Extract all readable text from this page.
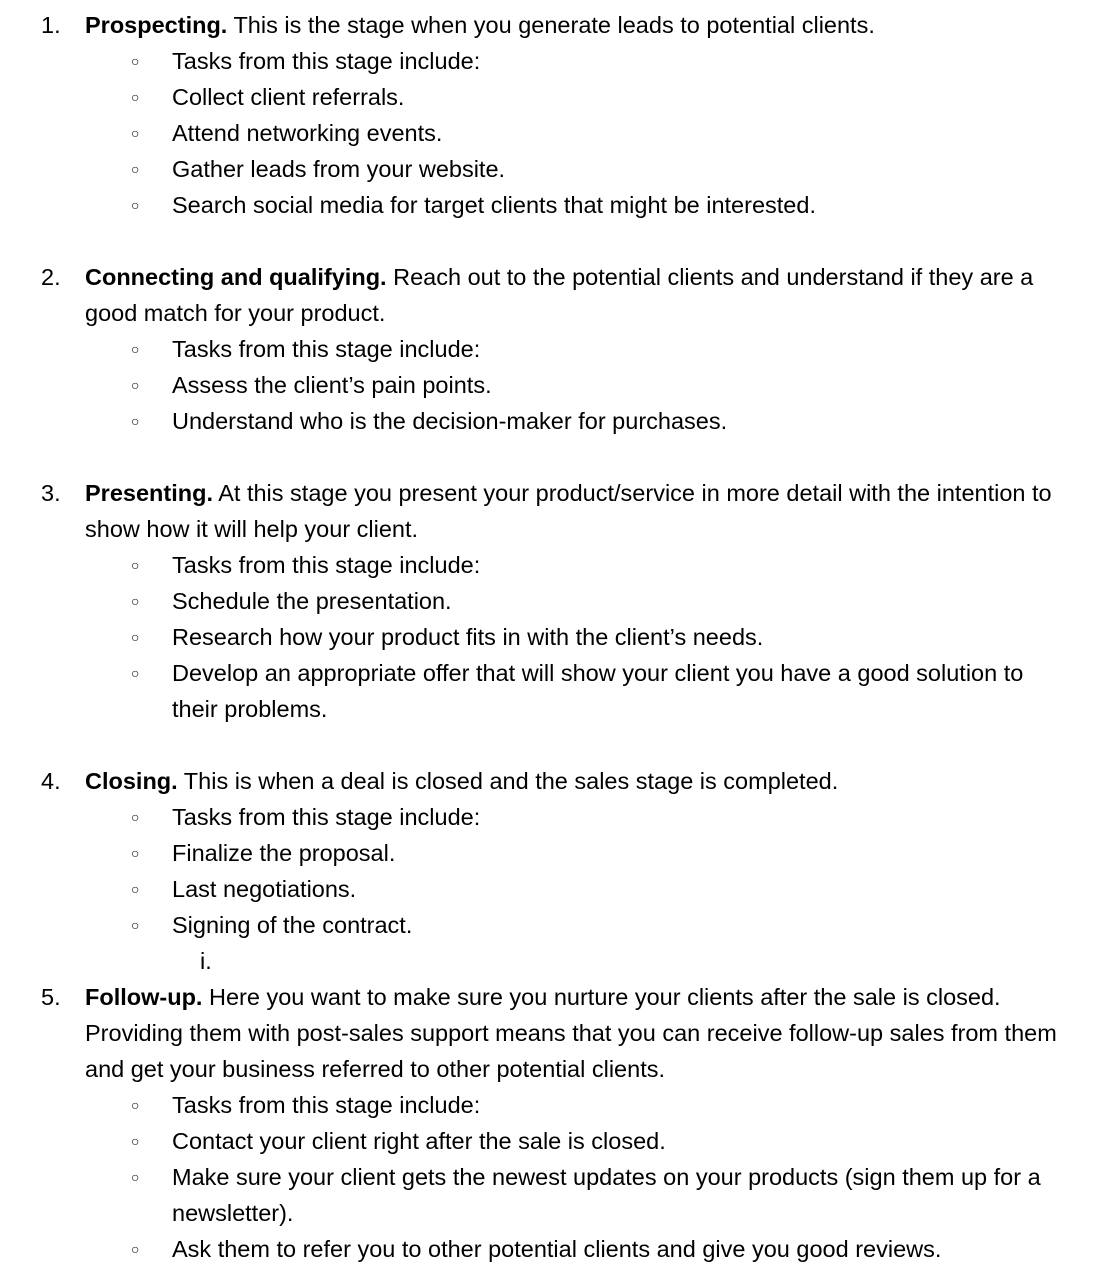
1.	Prospecting. This is the stage when you generate leads to potential clients.
○ Tasks from this stage include:
○ Collect client referrals.
○ Attend networking events.
○ Gather leads from your website.
○ Search social media for target clients that might be interested.
2.	Connecting and qualifying. Reach out to the potential clients and understand if they are a good match for your product.
○ Tasks from this stage include:
○ Assess the client’s pain points.
○ Understand who is the decision-maker for purchases.
3.	Presenting. At this stage you present your product/service in more detail with the intention to show how it will help your client.
○ Tasks from this stage include:
○ Schedule the presentation.
○ Research how your product fits in with the client’s needs.
○ Develop an appropriate offer that will show your client you have a good solution to their problems.
4.	Closing. This is when a deal is closed and the sales stage is completed.
○ Tasks from this stage include:
○ Finalize the proposal.
○ Last negotiations.
○ Signing of the contract.
i.
5.	Follow-up. Here you want to make sure you nurture your clients after the sale is closed. Providing them with post-sales support means that you can receive follow-up sales from them and get your business referred to other potential clients.
○ Tasks from this stage include:
○ Contact your client right after the sale is closed.
○ Make sure your client gets the newest updates on your products (sign them up for a newsletter).
○ Ask them to refer you to other potential clients and give you good reviews.
